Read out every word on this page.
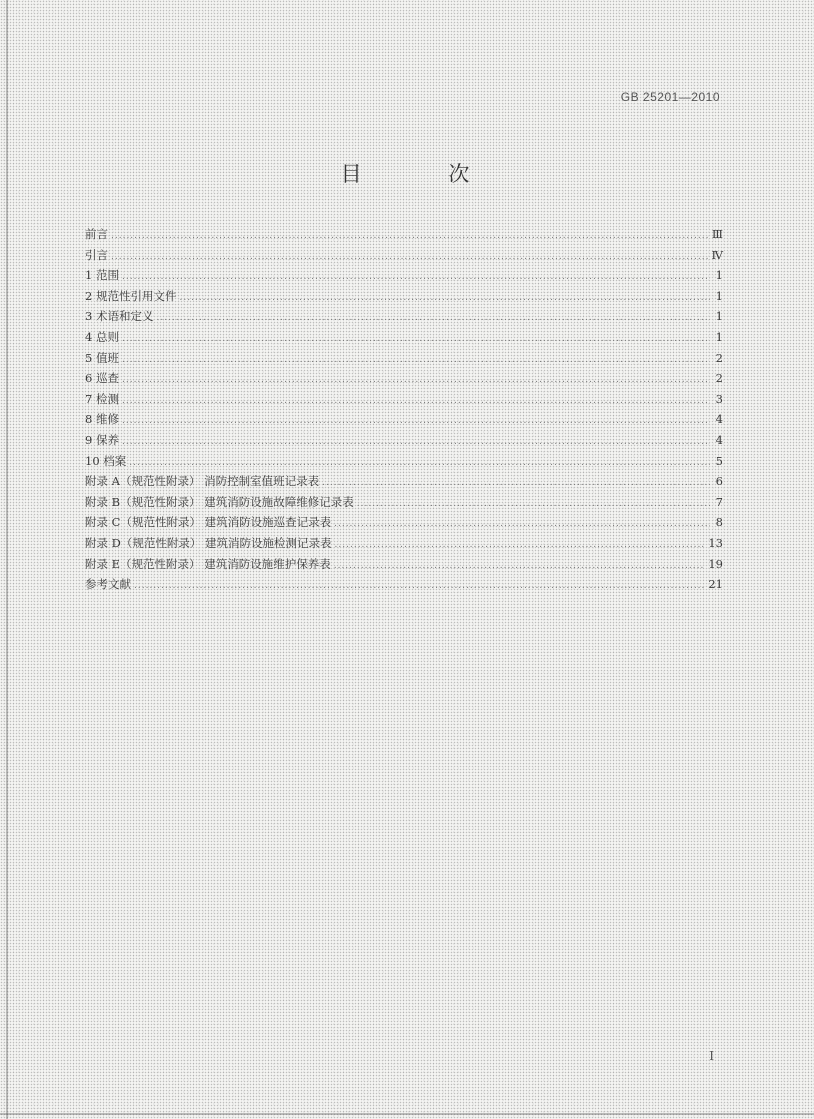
GB 25201—2010
目 次
前言 .....	Ⅲ
引言 .....	Ⅳ
1 范围 .....	1
2 规范性引用文件 .....	1
3 术语和定义 .....	1
4 总则 .....	1
5 值班 .....	2
6 巡查 .....	2
7 检测 .....	3
8 维修 .....	4
9 保养 .....	4
10 档案 .....	5
附录 A（规范性附录） 消防控制室值班记录表 .....	6
附录 B（规范性附录） 建筑消防设施故障维修记录表 .....	7
附录 C（规范性附录） 建筑消防设施巡查记录表 .....	8
附录 D（规范性附录） 建筑消防设施检测记录表 .....	13
附录 E（规范性附录） 建筑消防设施维护保养表 .....	19
参考文献 .....	21
I
